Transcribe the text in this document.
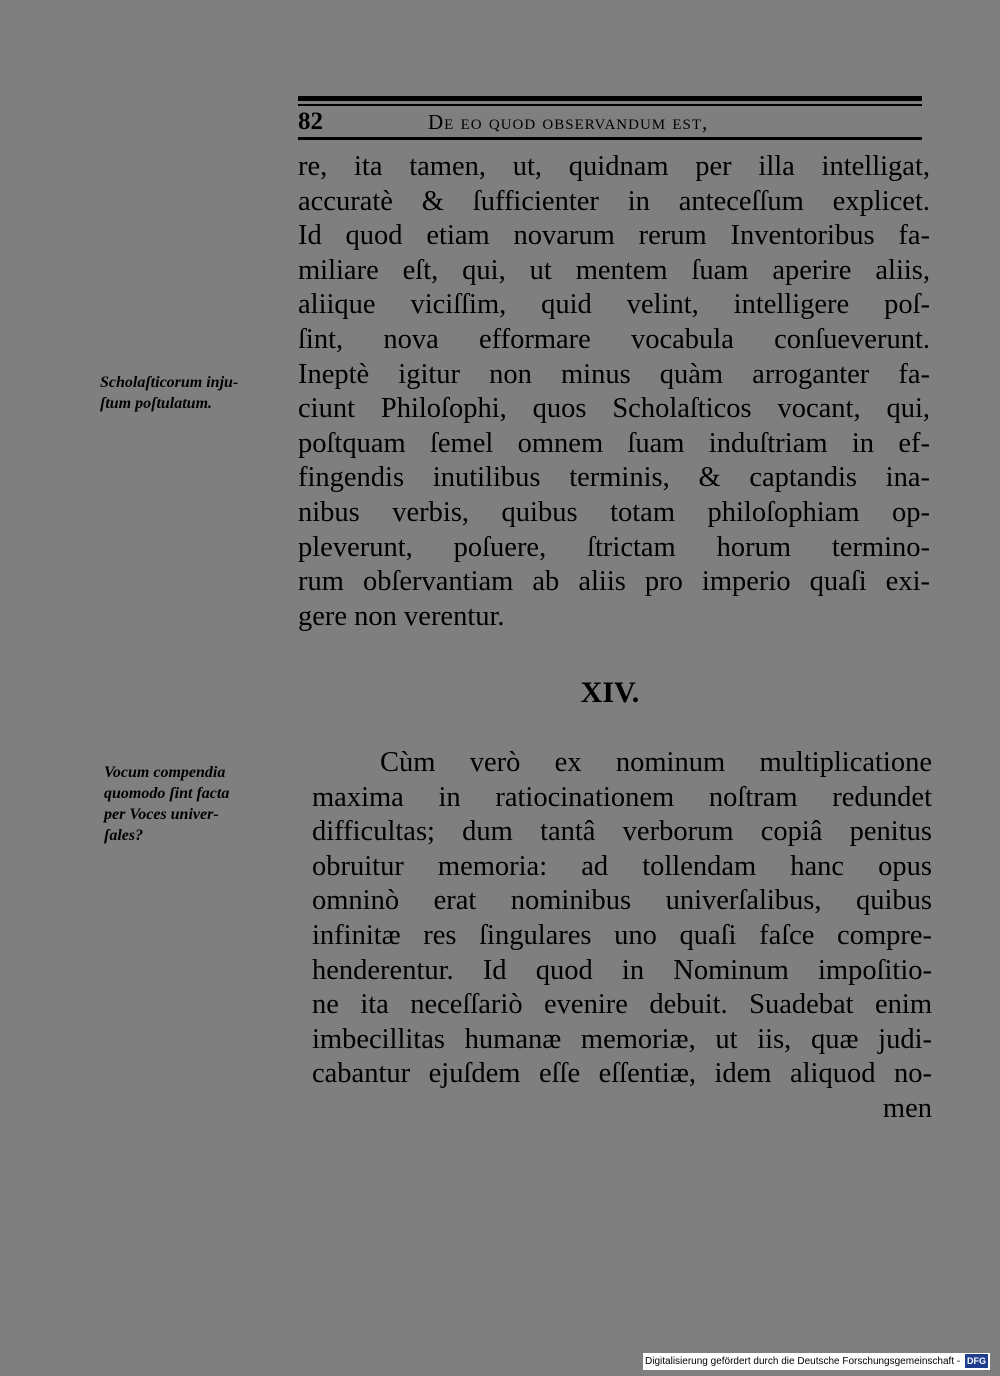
82	De eo quod observandum est,
Scholaſticorum inju-
ſtum poſtulatum.
re, ita tamen, ut, quidnam per illa intelligat,
accuratè & ſufficienter in anteceſſum explicet.
Id quod etiam novarum rerum Inventoribus fa-
miliare eſt, qui, ut mentem ſuam aperire aliis,
aliique viciſſim, quid velint, intelligere poſ-
ſint, nova efformare vocabula conſueverunt.
Ineptè igitur non minus quàm arroganter fa-
ciunt Philoſophi, quos Scholaſticos vocant, qui,
poſtquam ſemel omnem ſuam induſtriam in ef-
fingendis inutilibus terminis, & captandis ina-
nibus verbis, quibus totam philoſophiam op-
pleverunt, poſuere, ſtrictam horum termino-
rum obſervantiam ab aliis pro imperio quaſi exi-
gere non verentur.
XIV.
Vocum compendia
quomodo ſint facta
per Voces univer-
ſales?
Cùm verò ex nominum multiplicatione
maxima in ratiocinationem noſtram redundet
difficultas; dum tantâ verborum copiâ penitus
obruitur memoria: ad tollendam hanc opus
omninò erat nominibus univerſalibus, quibus
infinitæ res ſingulares uno quaſi faſce compre-
henderentur. Id quod in Nominum impoſitio-
ne ita neceſſariò evenire debuit. Suadebat enim
imbecillitas humanæ memoriæ, ut iis, quæ judi-
cabantur ejuſdem eſſe eſſentiæ, idem aliquod no-
men
Digitalisierung gefördert durch die Deutsche Forschungsgemeinschaft - DFG
